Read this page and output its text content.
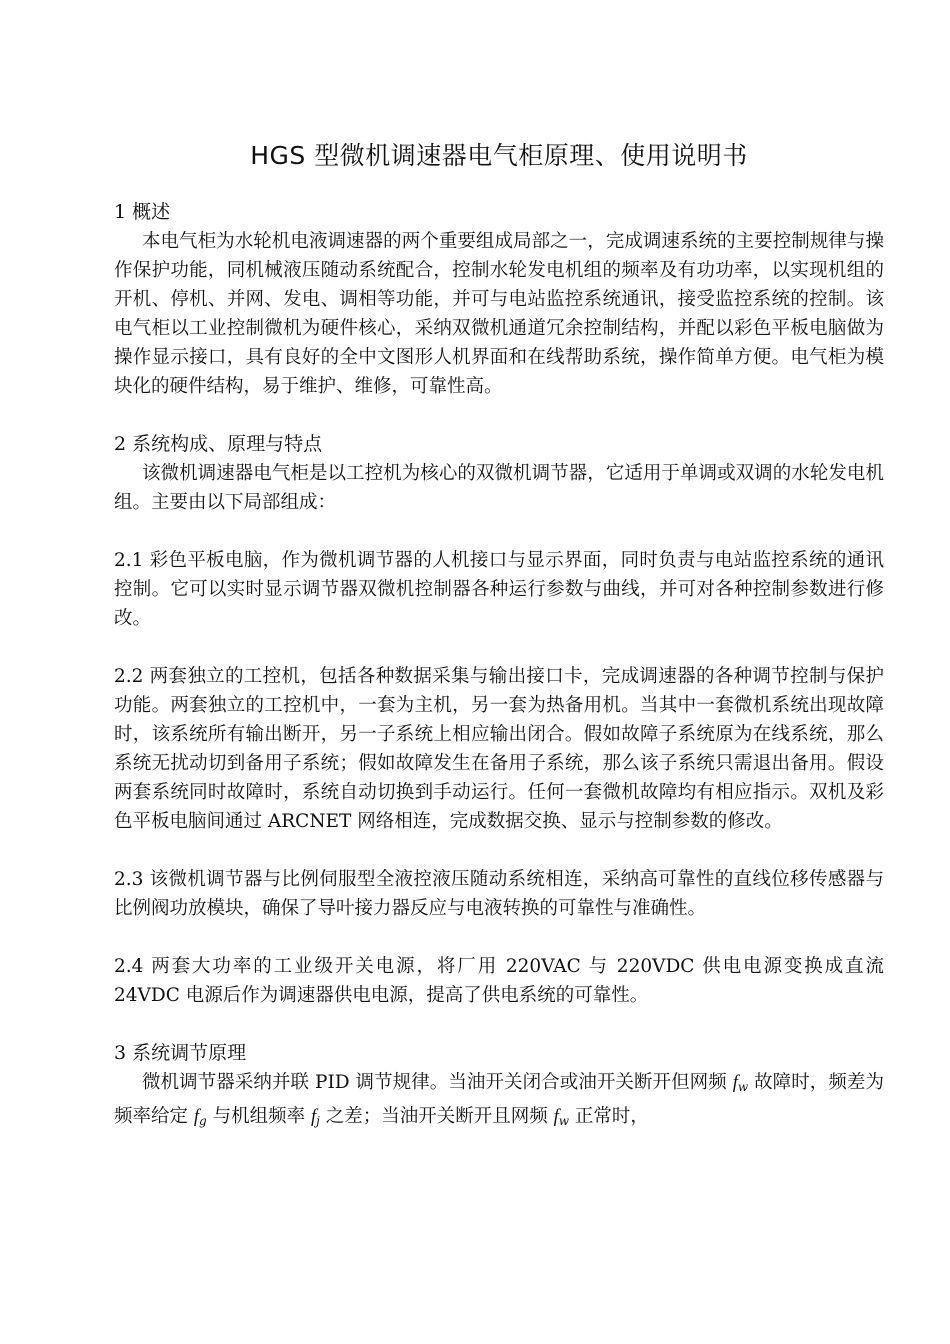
HGS 型微机调速器电气柜原理、使用说明书
1 概述

本电气柜为水轮机电液调速器的两个重要组成局部之一，完成调速系统的主要控制规律与操作保护功能，同机械液压随动系统配合，控制水轮发电机组的频率及有功功率，以实现机组的开机、停机、并网、发电、调相等功能，并可与电站监控系统通讯，接受监控系统的控制。该电气柜以工业控制微机为硬件核心，采纳双微机通道冗余控制结构，并配以彩色平板电脑做为操作显示接口，具有良好的全中文图形人机界面和在线帮助系统，操作简单方便。电气柜为模块化的硬件结构，易于维护、维修，可靠性高。

2 系统构成、原理与特点

该微机调速器电气柜是以工控机为核心的双微机调节器，它适用于单调或双调的水轮发电机组。主要由以下局部组成：

2.1 彩色平板电脑，作为微机调节器的人机接口与显示界面，同时负责与电站监控系统的通讯控制。它可以实时显示调节器双微机控制器各种运行参数与曲线，并可对各种控制参数进行修改。

2.2 两套独立的工控机，包括各种数据采集与输出接口卡，完成调速器的各种调节控制与保护功能。两套独立的工控机中，一套为主机，另一套为热备用机。当其中一套微机系统出现故障时，该系统所有输出断开，另一子系统上相应输出闭合。假如故障子系统原为在线系统，那么系统无扰动切到备用子系统；假如故障发生在备用子系统，那么该子系统只需退出备用。假设两套系统同时故障时，系统自动切换到手动运行。任何一套微机故障均有相应指示。双机及彩色平板电脑间通过 ARCNET 网络相连，完成数据交换、显示与控制参数的修改。

2.3 该微机调节器与比例伺服型全液控液压随动系统相连，采纳高可靠性的直线位移传感器与比例阀功放模块，确保了导叶接力器反应与电液转换的可靠性与准确性。

2.4 两套大功率的工业级开关电源，将厂用 220VAC 与 220VDC 供电电源变换成直流 24VDC 电源后作为调速器供电电源，提高了供电系统的可靠性。

3 系统调节原理

微机调节器采纳并联 PID 调节规律。当油开关闭合或油开关断开但网频 $f_w$ 故障时，频差为频率给定 $f_g$ 与机组频率 $f_j$ 之差；当油开关断开且网频 $f_w$ 正常时，
